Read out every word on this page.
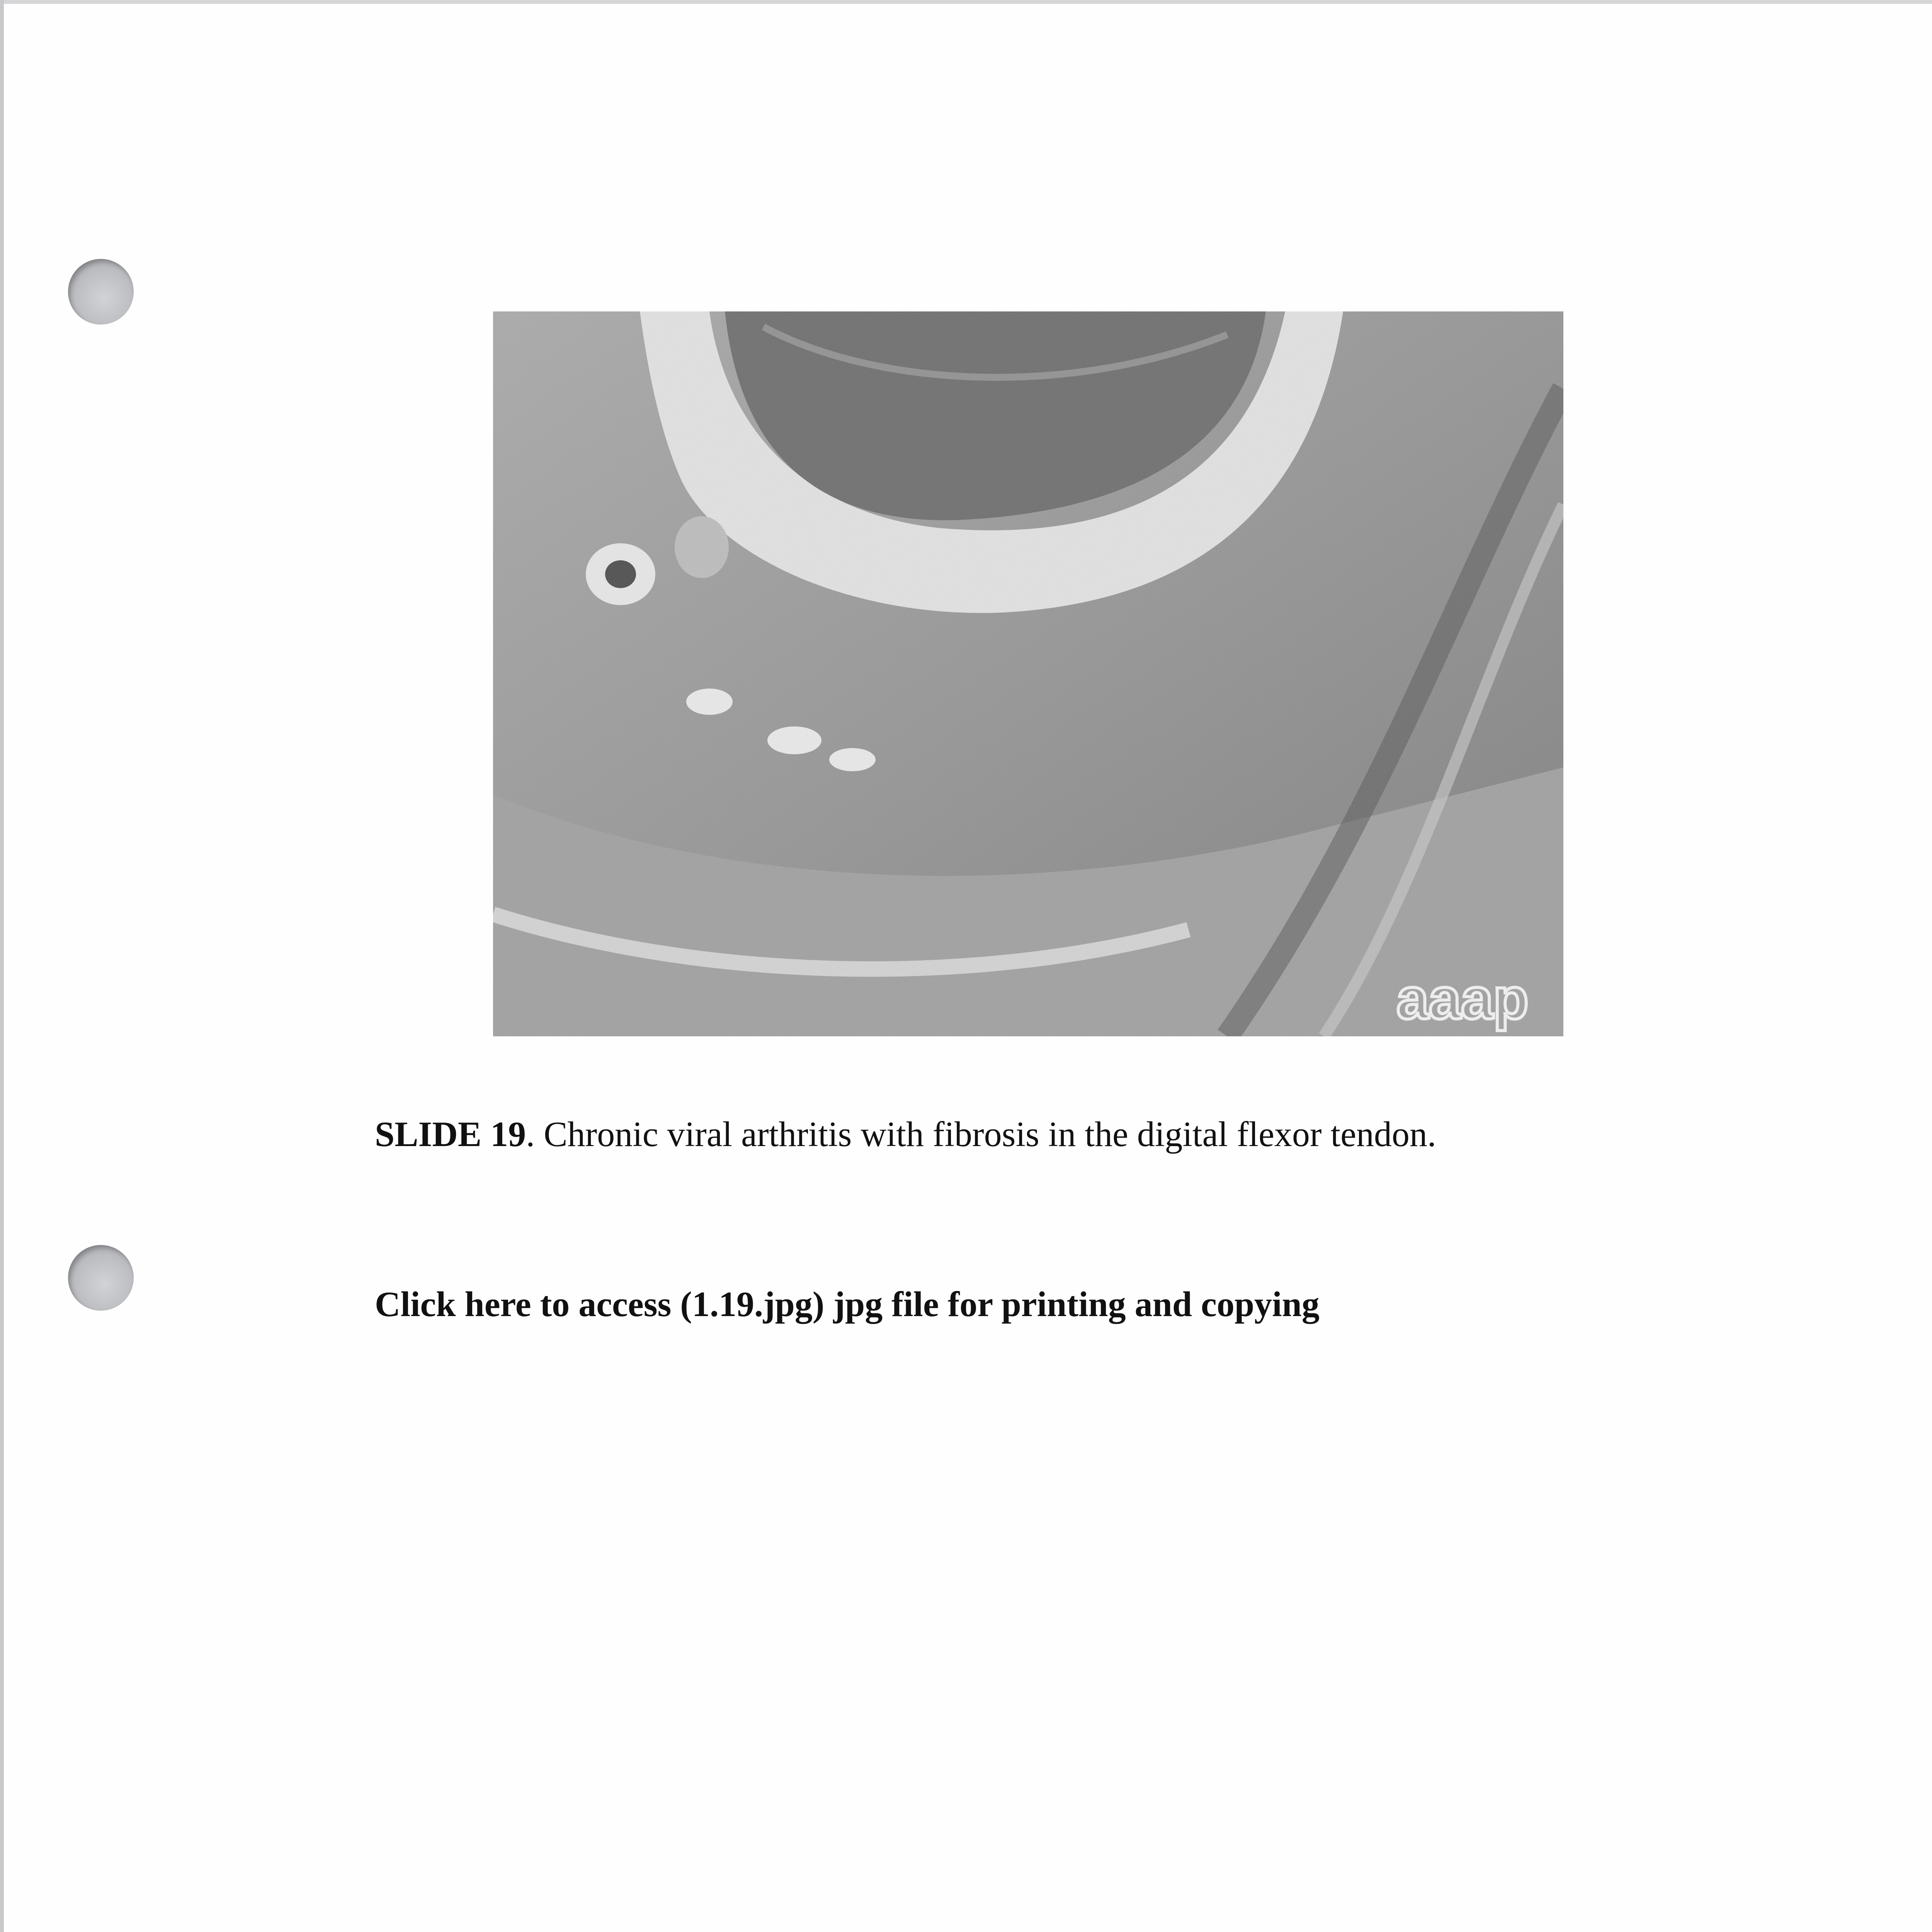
aaap
SLIDE 19. Chronic viral arthritis with fibrosis in the digital flexor tendon.
Click here to access (1.19.jpg) jpg file for printing and copying
